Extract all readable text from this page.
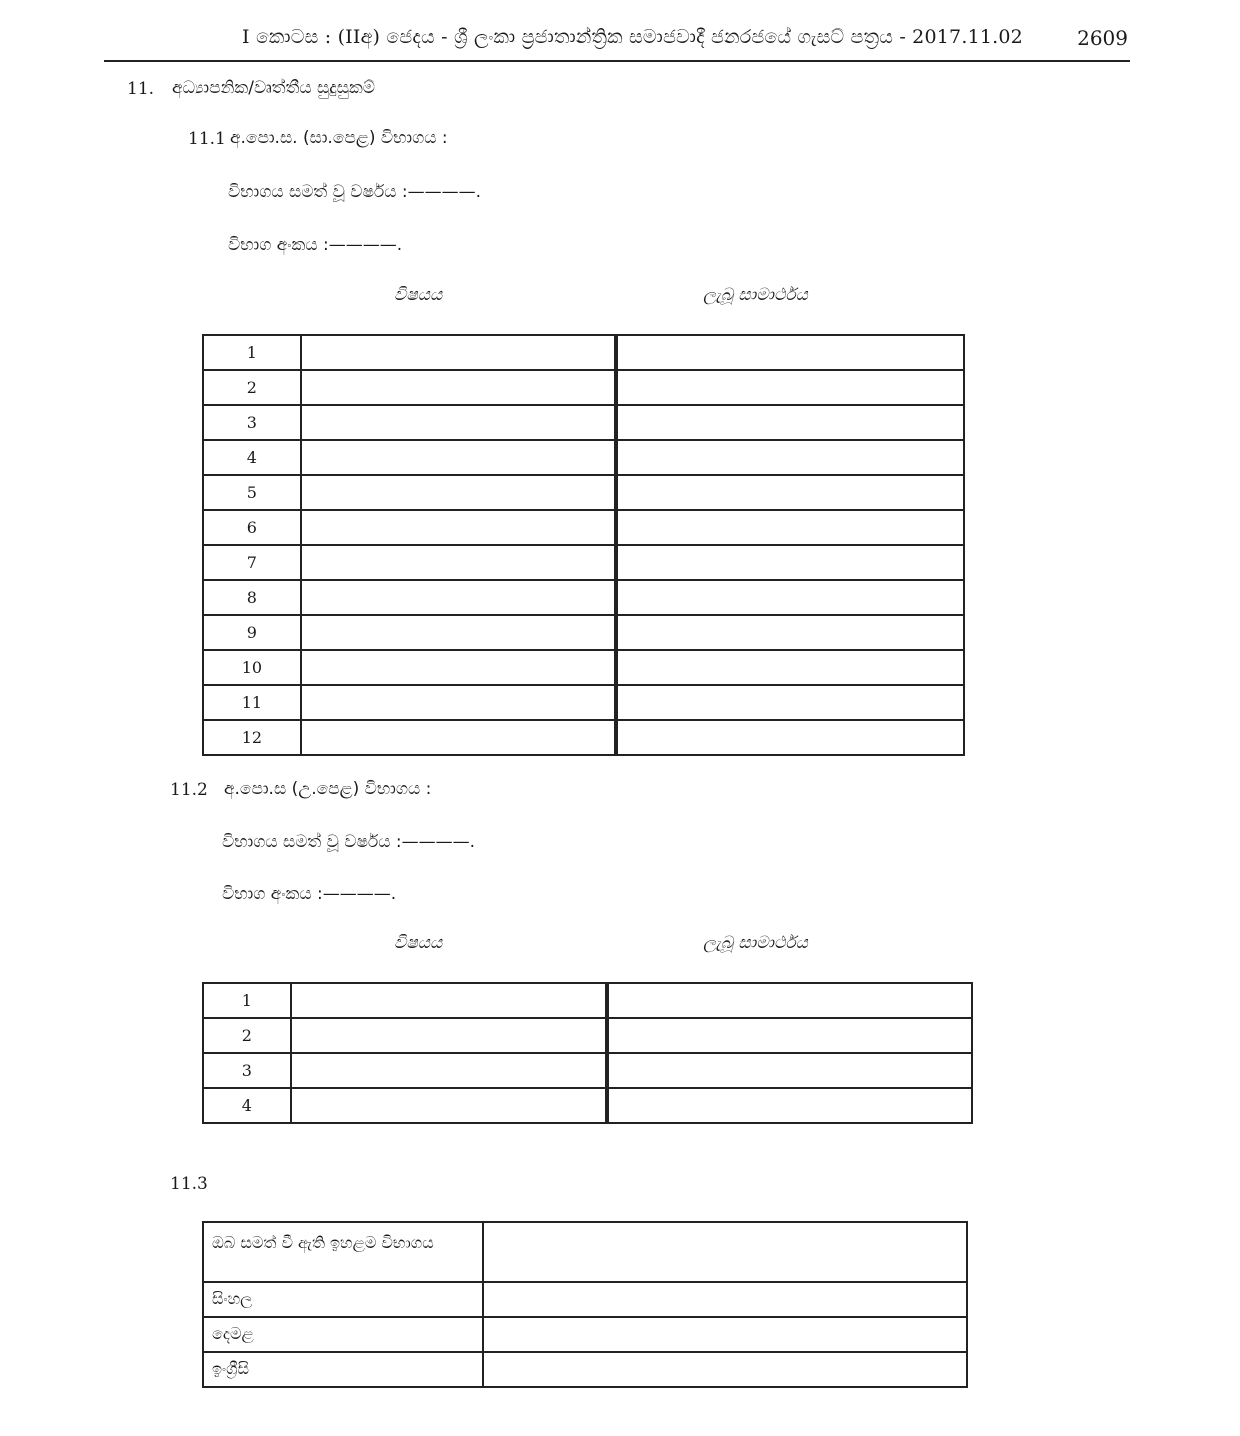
I කොටස : (IIඅ) ජෙදය - ශ්‍රී ලංකා ප්‍රජාතාන්ත්‍රික සමාජවාදී ජනරජයේ ගැසට් පත්‍රය - 2017.11.02	2609
11. අධ්‍යාපනික/වෘත්තීය සුදුසුකම්
11.1 අ.පො.ස. (සා.පෙළ) විභාගය :
විභාගය සමත් වූ වර්ෂය :————.
විභාග අංකය :————.
විෂයය	ලැබූ සාමාර්ථය
1		
2		
3		
4		
5		
6		
7		
8		
9		
10		
11		
12		
11.2 අ.පො.ස (උ.පෙළ) විභාගය :
විභාගය සමත් වූ වර්ෂය :————.
විභාග අංකය :————.
විෂයය	ලැබූ සාමාර්ථය
1		
2		
3		
4		
11.3
ඔබ සමත් වී ඇති ඉහළම විභාගය	
සිංහල	
දෙමළ	
ඉංග්‍රීසි	
